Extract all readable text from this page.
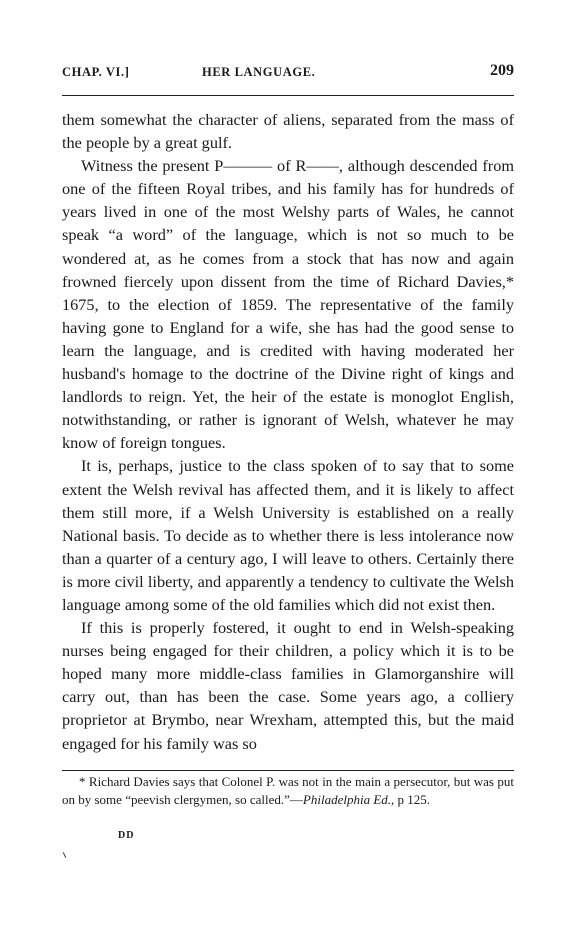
CHAP. VI.]	HER LANGUAGE.	209

them somewhat the character of aliens, separated from the mass of the people by a great gulf.

Witness the present P——— of R——, although descended from one of the fifteen Royal tribes, and his family has for hundreds of years lived in one of the most Welshy parts of Wales, he cannot speak “a word” of the language, which is not so much to be wondered at, as he comes from a stock that has now and again frowned fiercely upon dissent from the time of Richard Davies,* 1675, to the election of 1859. The representative of the family having gone to England for a wife, she has had the good sense to learn the language, and is credited with having moderated her husband's homage to the doctrine of the Divine right of kings and landlords to reign. Yet, the heir of the estate is monoglot English, notwithstanding, or rather is ignorant of Welsh, whatever he may know of foreign tongues.

It is, perhaps, justice to the class spoken of to say that to some extent the Welsh revival has affected them, and it is likely to affect them still more, if a Welsh University is established on a really National basis. To decide as to whether there is less intolerance now than a quarter of a century ago, I will leave to others. Certainly there is more civil liberty, and apparently a tendency to cultivate the Welsh language among some of the old families which did not exist then.

If this is properly fostered, it ought to end in Welsh-speaking nurses being engaged for their children, a policy which it is to be hoped many more middle-class families in Glamorganshire will carry out, than has been the case. Some years ago, a colliery proprietor at Brymbo, near Wrexham, attempted this, but the maid engaged for his family was so

* Richard Davies says that Colonel P. was not in the main a persecutor, but was put on by some “peevish clergymen, so called.”—Philadelphia Ed., p 125.
DD
